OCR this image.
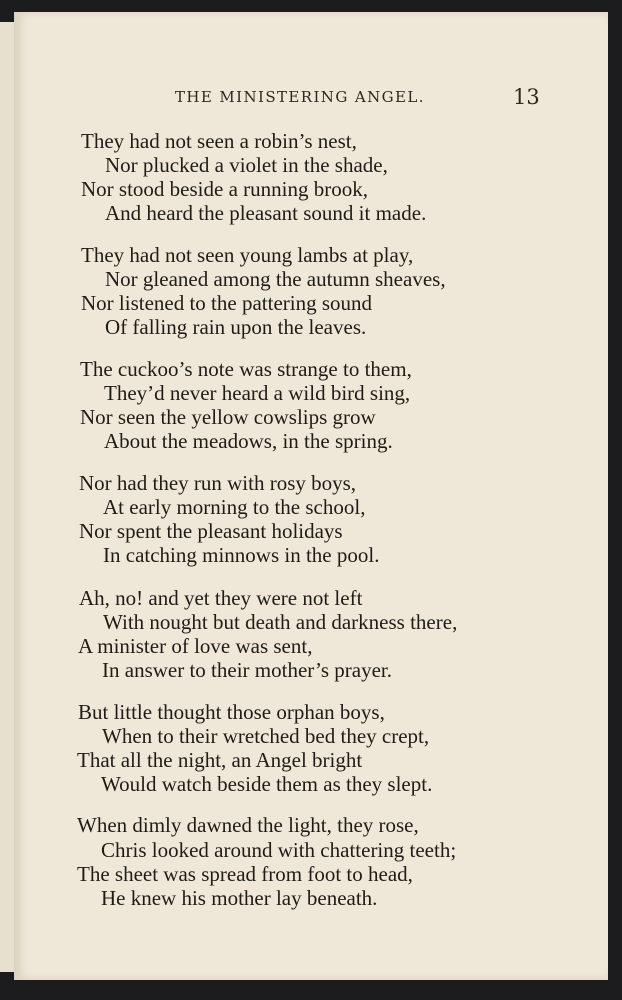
THE MINISTERING ANGEL.	13
They had not seen a robin’s nest,
Nor plucked a violet in the shade,
Nor stood beside a running brook,
And heard the pleasant sound it made.
They had not seen young lambs at play,
Nor gleaned among the autumn sheaves,
Nor listened to the pattering sound
Of falling rain upon the leaves.
The cuckoo’s note was strange to them,
They’d never heard a wild bird sing,
Nor seen the yellow cowslips grow
About the meadows, in the spring.
Nor had they run with rosy boys,
At early morning to the school,
Nor spent the pleasant holidays
In catching minnows in the pool.
Ah, no! and yet they were not left
With nought but death and darkness there,
A minister of love was sent,
In answer to their mother’s prayer.
But little thought those orphan boys,
When to their wretched bed they crept,
That all the night, an Angel bright
Would watch beside them as they slept.
When dimly dawned the light, they rose,
Chris looked around with chattering teeth;
The sheet was spread from foot to head,
He knew his mother lay beneath.
